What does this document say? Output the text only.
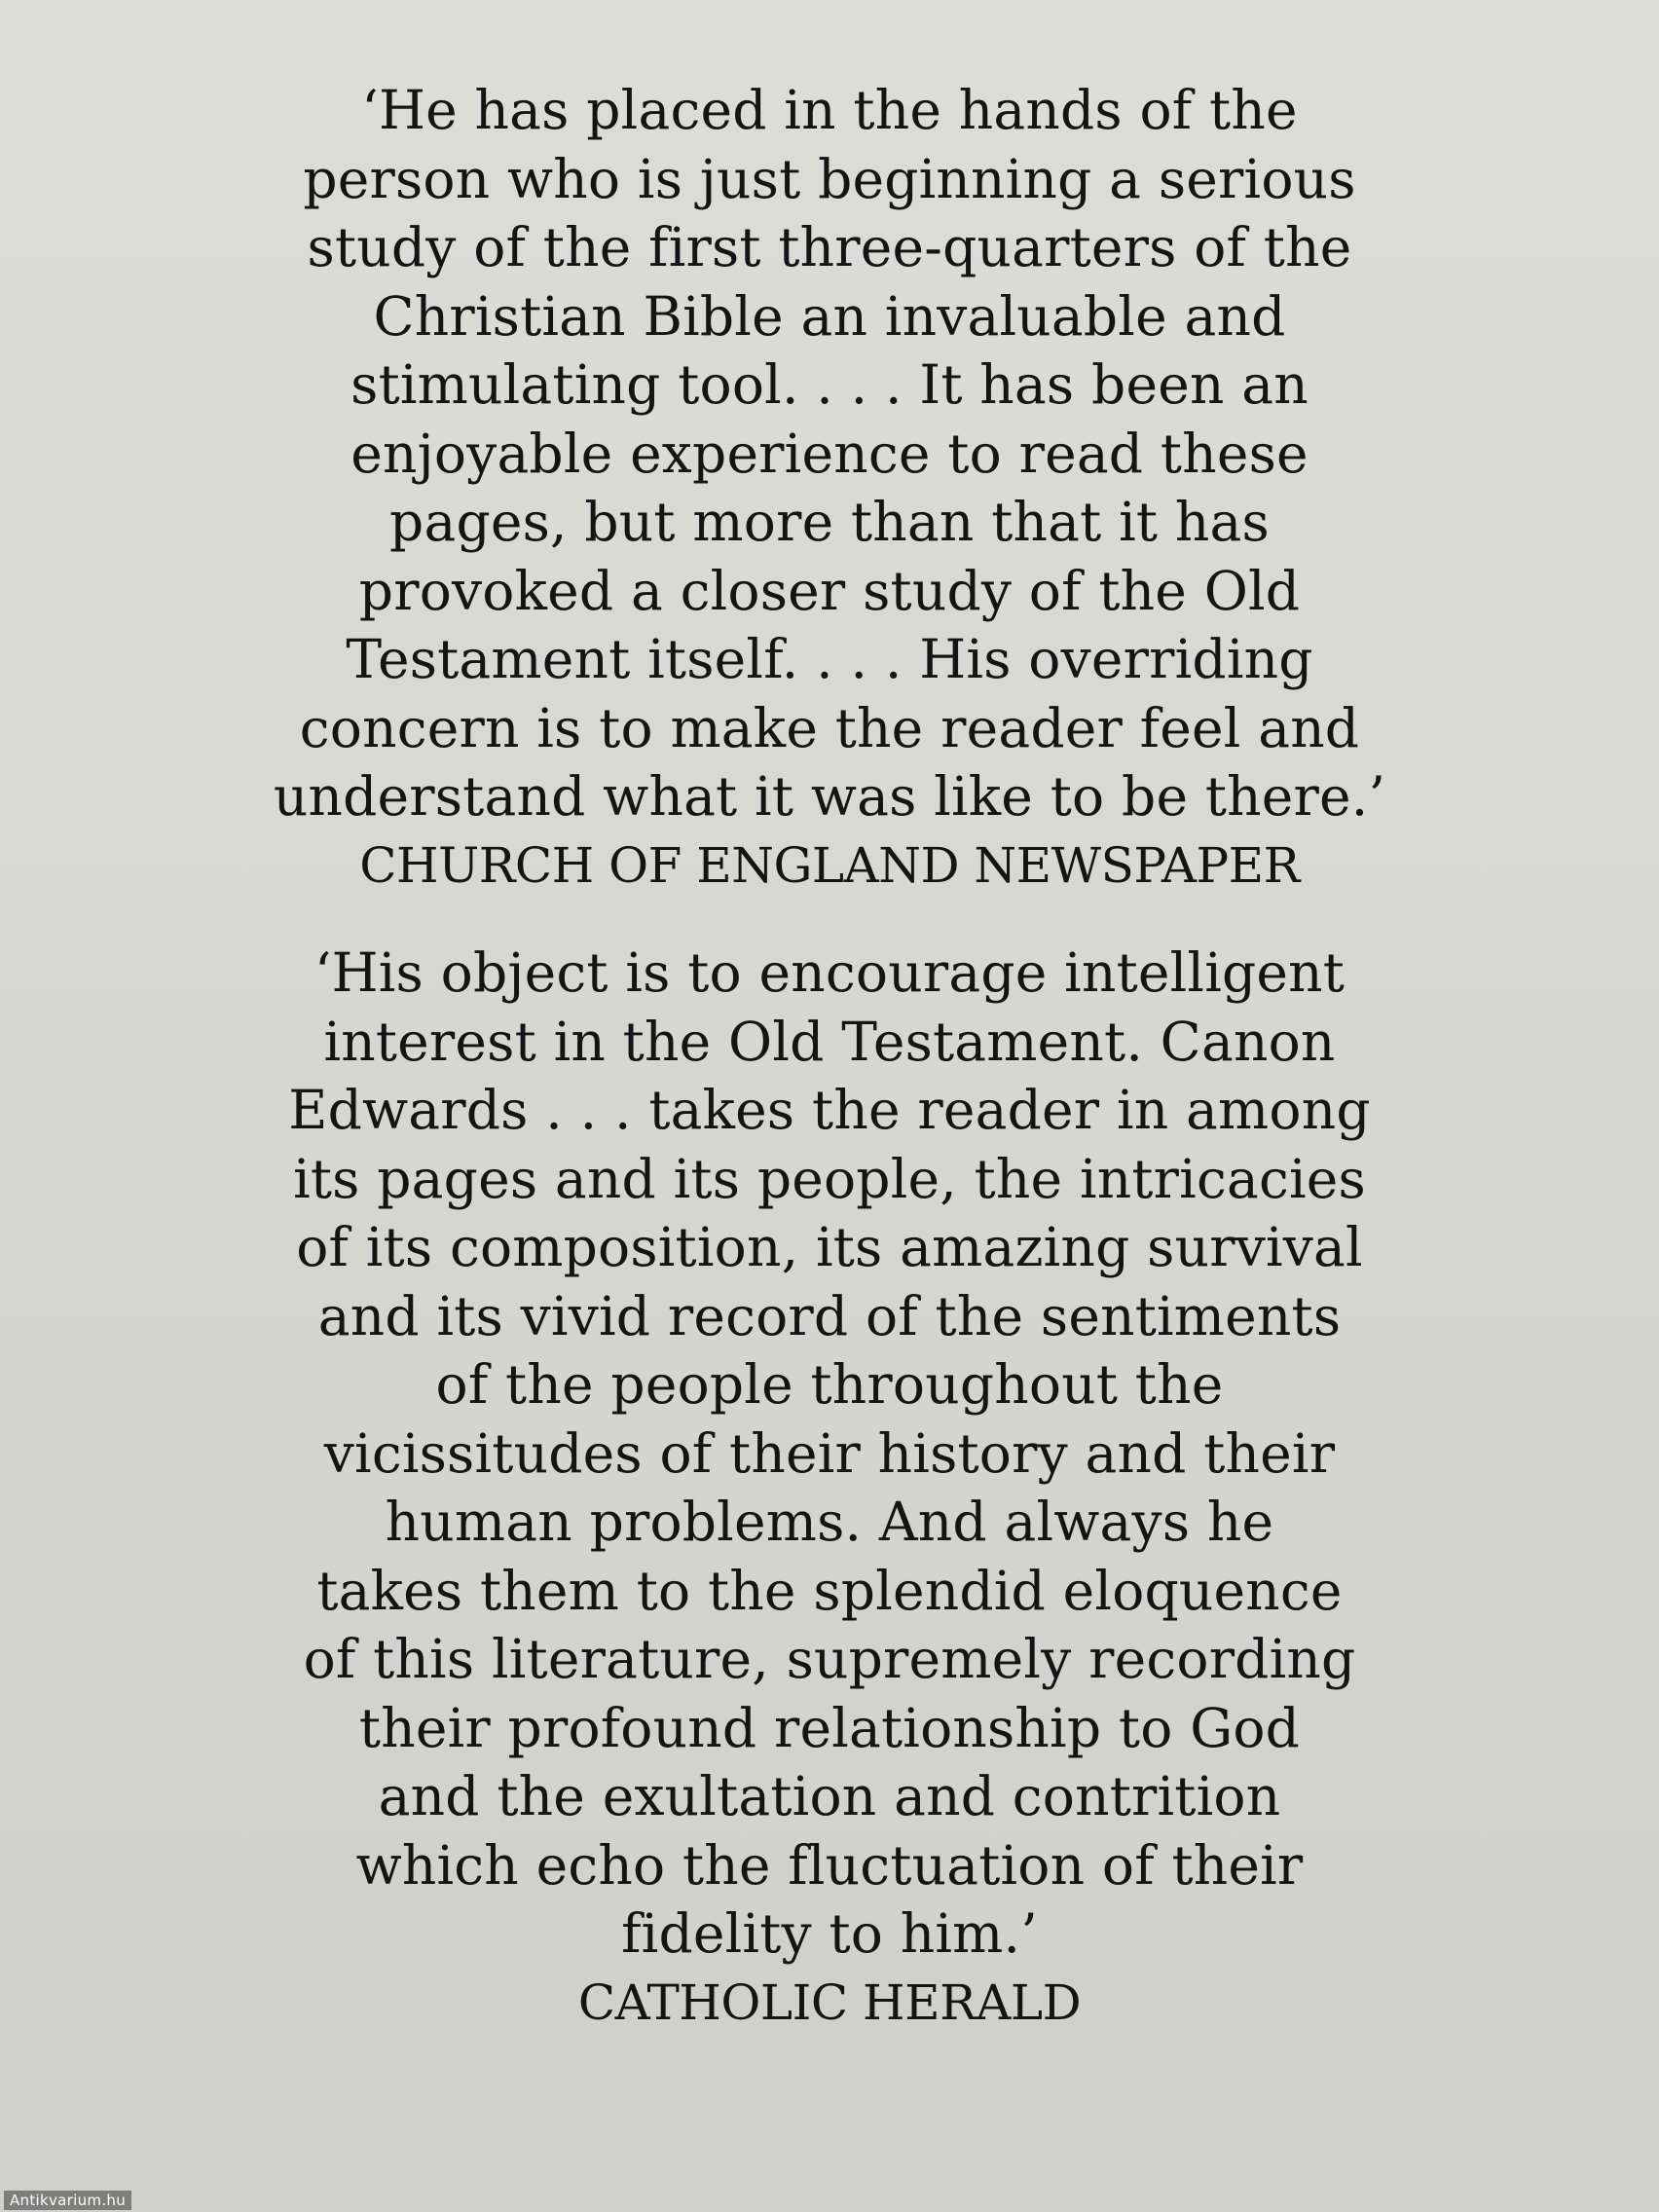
‘He has placed in the hands of the
person who is just beginning a serious
study of the first three-quarters of the
Christian Bible an invaluable and
stimulating tool. . . . It has been an
enjoyable experience to read these
pages, but more than that it has
provoked a closer study of the Old
Testament itself. . . . His overriding
concern is to make the reader feel and
understand what it was like to be there.’
CHURCH OF ENGLAND NEWSPAPER
‘His object is to encourage intelligent
interest in the Old Testament. Canon
Edwards . . . takes the reader in among
its pages and its people, the intricacies
of its composition, its amazing survival
and its vivid record of the sentiments
of the people throughout the
vicissitudes of their history and their
human problems. And always he
takes them to the splendid eloquence
of this literature, supremely recording
their profound relationship to God
and the exultation and contrition
which echo the fluctuation of their
fidelity to him.’
CATHOLIC HERALD
Antikvarium.hu
